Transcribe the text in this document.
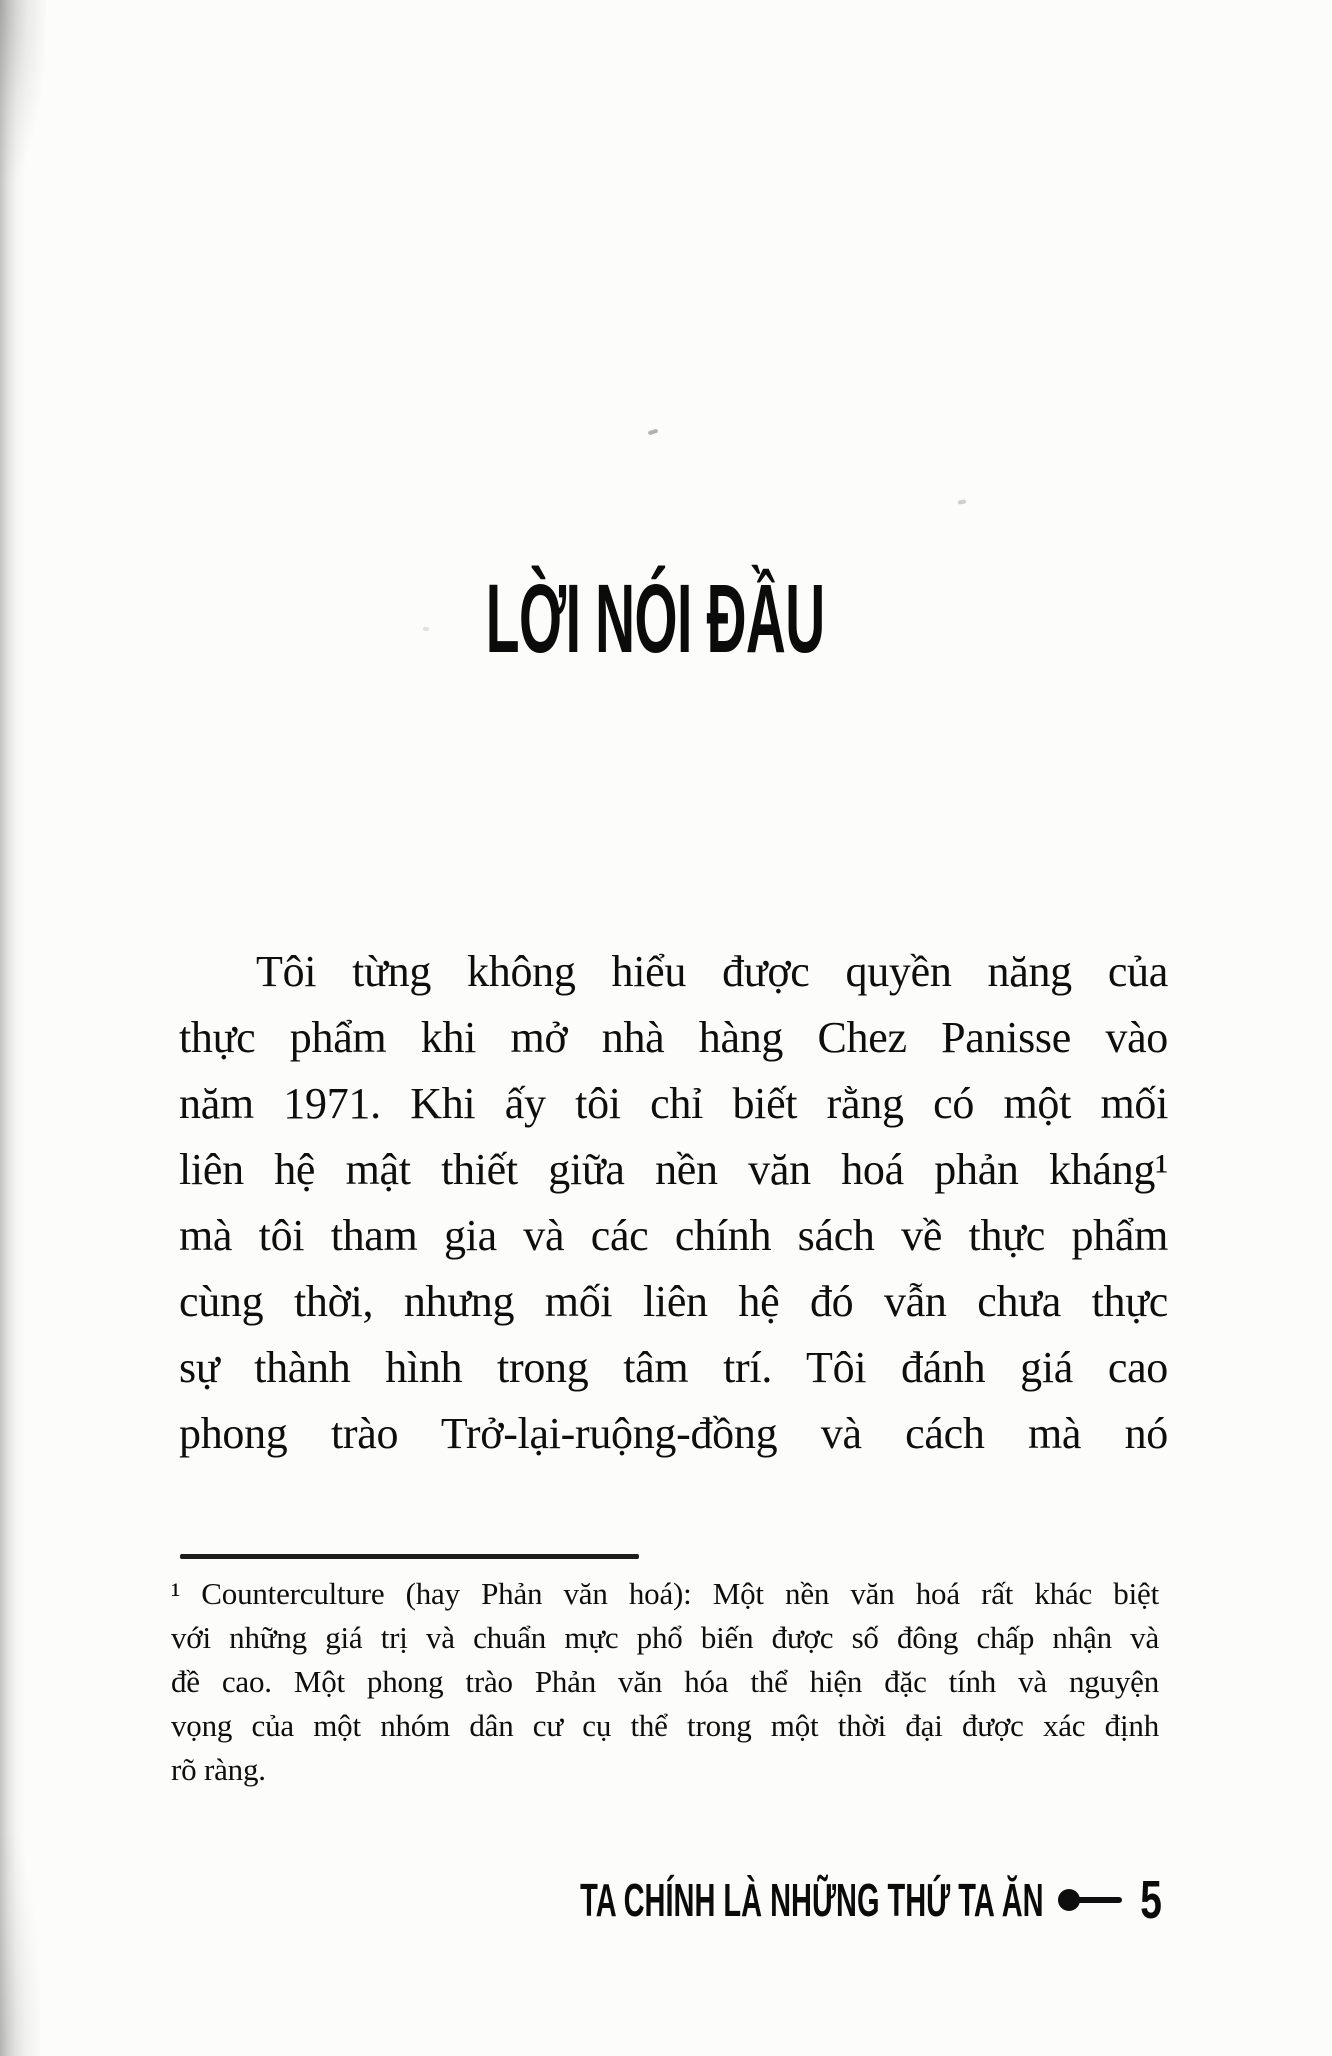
LỜI NÓI ĐẦU
Tôi từng không hiểu được quyền năng của
thực phẩm khi mở nhà hàng Chez Panisse vào
năm 1971. Khi ấy tôi chỉ biết rằng có một mối
liên hệ mật thiết giữa nền văn hoá phản kháng¹
mà tôi tham gia và các chính sách về thực phẩm
cùng thời, nhưng mối liên hệ đó vẫn chưa thực
sự thành hình trong tâm trí. Tôi đánh giá cao
phong trào Trở-lại-ruộng-đồng và cách mà nó
¹ Counterculture (hay Phản văn hoá): Một nền văn hoá rất khác biệt
với những giá trị và chuẩn mực phổ biến được số đông chấp nhận và
đề cao. Một phong trào Phản văn hóa thể hiện đặc tính và nguyện
vọng của một nhóm dân cư cụ thể trong một thời đại được xác định
rõ ràng.
TA CHÍNH LÀ NHỮNG THỨ TA ĂN 5
